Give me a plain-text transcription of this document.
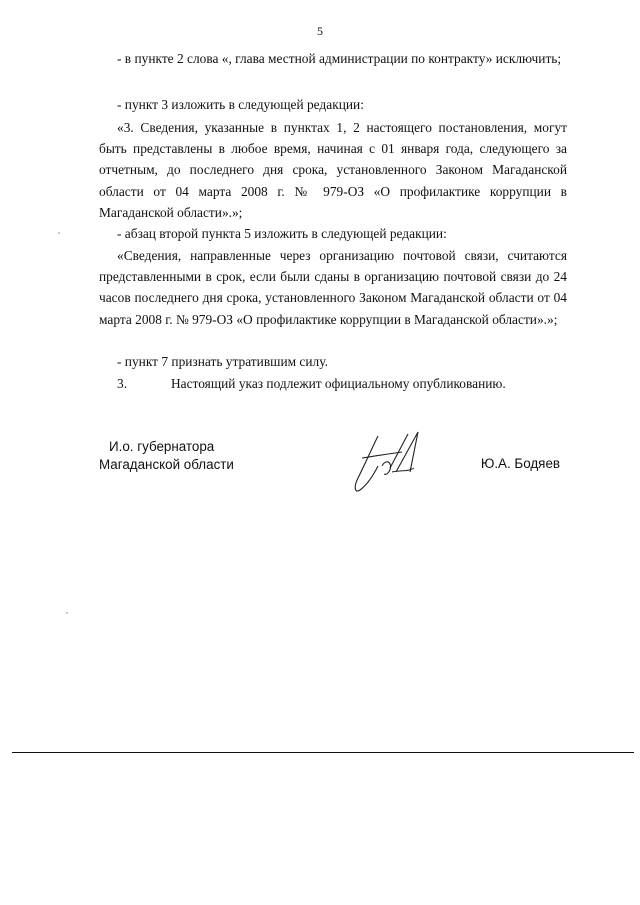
5

- в пункте 2 слова «, глава местной администрации по контракту» исключить;

- пункт 3 изложить в следующей редакции:

«3. Сведения, указанные в пунктах 1, 2 настоящего постановления, могут быть представлены в любое время, начиная с 01 января года, следующего за отчетным, до последнего дня срока, установленного Законом Магаданской области от 04 марта 2008 г. № 979-ОЗ «О профилактике коррупции в Магаданской области».»;

- абзац второй пункта 5 изложить в следующей редакции:

«Сведения, направленные через организацию почтовой связи, считаются представленными в срок, если были сданы в организацию почтовой связи до 24 часов последнего дня срока, установленного Законом Магаданской области от 04 марта 2008 г. № 979-ОЗ «О профилактике коррупции в Магаданской области».»;

- пункт 7 признать утратившим силу.

3.	Настоящий указ подлежит официальному опубликованию.
И.о. губернатора
Магаданской области	Ю.А. Бодяев
